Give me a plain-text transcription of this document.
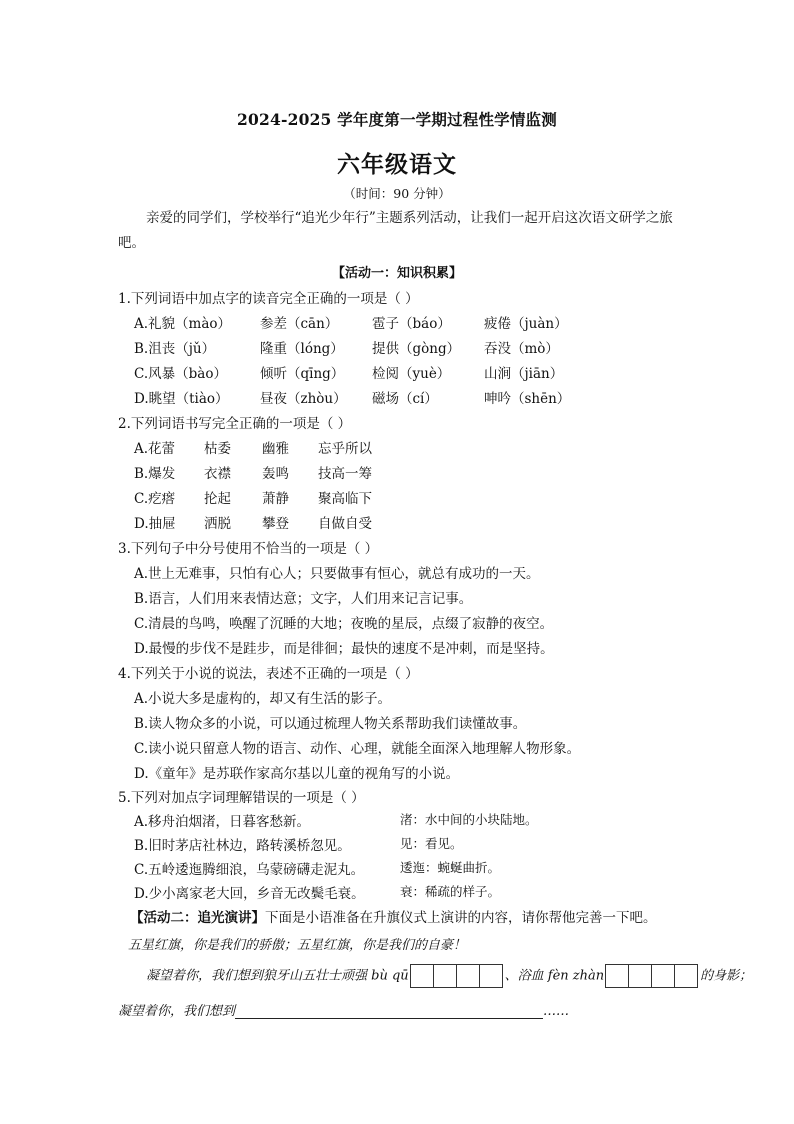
2024-2025 学年度第一学期过程性学情监测
六年级语文
（时间：90 分钟）
亲爱的同学们，学校举行“追光少年行”主题系列活动，让我们一起开启这次语文研学之旅吧。
【活动一：知识积累】
1.下列词语中加点字的读音完全正确的一项是（ ）
A.礼貌（mào） 参差（cān） 雹子（báo） 疲倦（juàn）
B.沮丧（jǔ）	隆重（lóng） 提供（gòng） 吞没（mò）
C.风暴（bào） 倾听（qīng） 检阅（yuè） 山涧（jiān）
D.眺望（tiào） 昼夜（zhòu） 磁场（cí）	呻吟（shēn）
2.下列词语书写完全正确的一项是（ ）
A.花蕾 枯委 幽雅 忘乎所以
B.爆发 衣襟 轰鸣 技高一筹
C.疙瘩 抡起 萧静 聚高临下
D.抽屉 洒脱 攀登 自做自受
3.下列句子中分号使用不恰当的一项是（ ）
A.世上无难事，只怕有心人；只要做事有恒心，就总有成功的一天。
B.语言，人们用来表情达意；文字，人们用来记言记事。
C.清晨的鸟鸣，唤醒了沉睡的大地；夜晚的星辰，点缀了寂静的夜空。
D.最慢的步伐不是跬步，而是徘徊；最快的速度不是冲刺，而是坚持。
4.下列关于小说的说法，表述不正确的一项是（ ）
A.小说大多是虚构的，却又有生活的影子。
B.读人物众多的小说，可以通过梳理人物关系帮助我们读懂故事。
C.读小说只留意人物的语言、动作、心理，就能全面深入地理解人物形象。
D.《童年》是苏联作家高尔基以儿童的视角写的小说。
5.下列对加点字词理解错误的一项是（ ）
A.移舟泊烟渚，日暮客愁新。	渚：水中间的小块陆地。
B.旧时茅店社林边，路转溪桥忽见。	见：看见。
C.五岭逶迤腾细浪，乌蒙磅礴走泥丸。	逶迤：蜿蜒曲折。
D.少小离家老大回，乡音无改鬓毛衰。	衰：稀疏的样子。
【活动二：追光演讲】下面是小语准备在升旗仪式上演讲的内容，请你帮他完善一下吧。
五星红旗，你是我们的骄傲；五星红旗，你是我们的自豪！
凝望着你，我们想到狼牙山五壮士顽强 bù qū	、浴血 fèn zhàn	的身影；
凝望着你，我们想到	……
